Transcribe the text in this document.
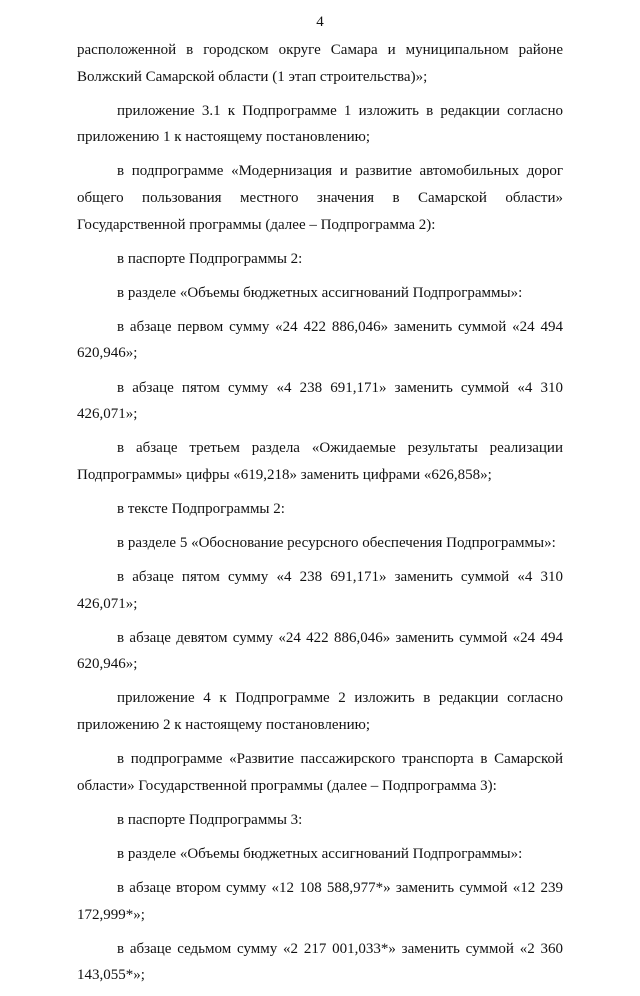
4

расположенной в городском округе Самара и муниципальном районе Волжский Самарской области (1 этап строительства)»;

приложение 3.1 к Подпрограмме 1 изложить в редакции согласно приложению 1 к настоящему постановлению;

в подпрограмме «Модернизация и развитие автомобильных дорог общего пользования местного значения в Самарской области» Государственной программы (далее – Подпрограмма 2):

в паспорте Подпрограммы 2:

в разделе «Объемы бюджетных ассигнований Подпрограммы»:

в абзаце первом сумму «24 422 886,046» заменить суммой «24 494 620,946»;

в абзаце пятом сумму «4 238 691,171» заменить суммой «4 310 426,071»;

в абзаце третьем раздела «Ожидаемые результаты реализации Подпрограммы» цифры «619,218» заменить цифрами «626,858»;

в тексте Подпрограммы 2:

в разделе 5 «Обоснование ресурсного обеспечения Подпрограммы»:

в абзаце пятом сумму «4 238 691,171» заменить суммой «4 310 426,071»;

в абзаце девятом сумму «24 422 886,046» заменить суммой «24 494 620,946»;

приложение 4 к Подпрограмме 2 изложить в редакции согласно приложению 2 к настоящему постановлению;

в подпрограмме «Развитие пассажирского транспорта в Самарской области» Государственной программы (далее – Подпрограмма 3):

в паспорте Подпрограммы 3:

в разделе «Объемы бюджетных ассигнований Подпрограммы»:

в абзаце втором сумму «12 108 588,977*» заменить суммой «12 239 172,999*»;

в абзаце седьмом сумму «2 217 001,033*» заменить суммой «2 360 143,055*»;
